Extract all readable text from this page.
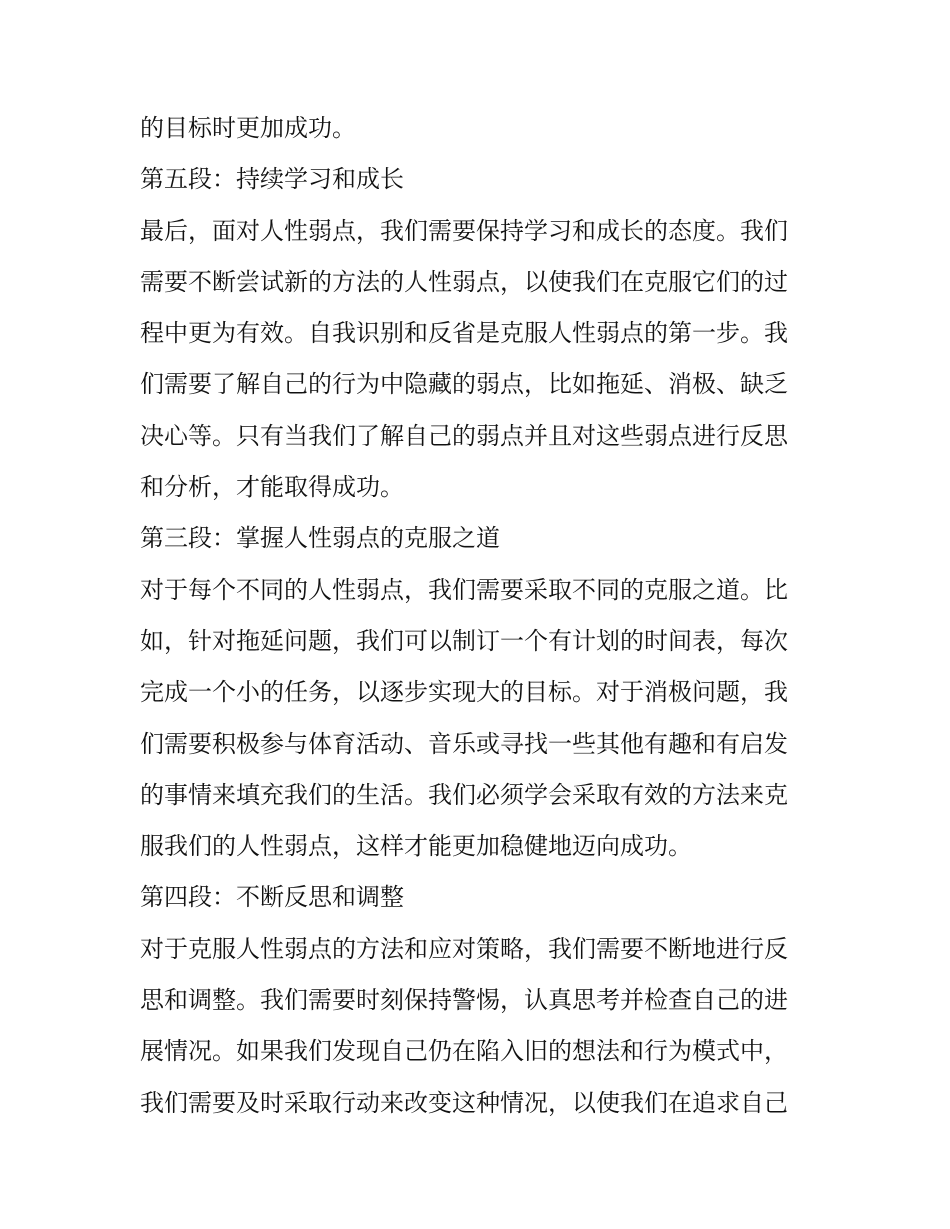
的目标时更加成功。
第五段：持续学习和成长
最后，面对人性弱点，我们需要保持学习和成长的态度。我们
需要不断尝试新的方法的人性弱点，以使我们在克服它们的过
程中更为有效。自我识别和反省是克服人性弱点的第一步。我
们需要了解自己的行为中隐藏的弱点，比如拖延、消极、缺乏
决心等。只有当我们了解自己的弱点并且对这些弱点进行反思
和分析，才能取得成功。
第三段：掌握人性弱点的克服之道
对于每个不同的人性弱点，我们需要采取不同的克服之道。比
如，针对拖延问题，我们可以制订一个有计划的时间表，每次
完成一个小的任务，以逐步实现大的目标。对于消极问题，我
们需要积极参与体育活动、音乐或寻找一些其他有趣和有启发
的事情来填充我们的生活。我们必须学会采取有效的方法来克
服我们的人性弱点，这样才能更加稳健地迈向成功。
第四段：不断反思和调整
对于克服人性弱点的方法和应对策略，我们需要不断地进行反
思和调整。我们需要时刻保持警惕，认真思考并检查自己的进
展情况。如果我们发现自己仍在陷入旧的想法和行为模式中，
我们需要及时采取行动来改变这种情况，以使我们在追求自己
